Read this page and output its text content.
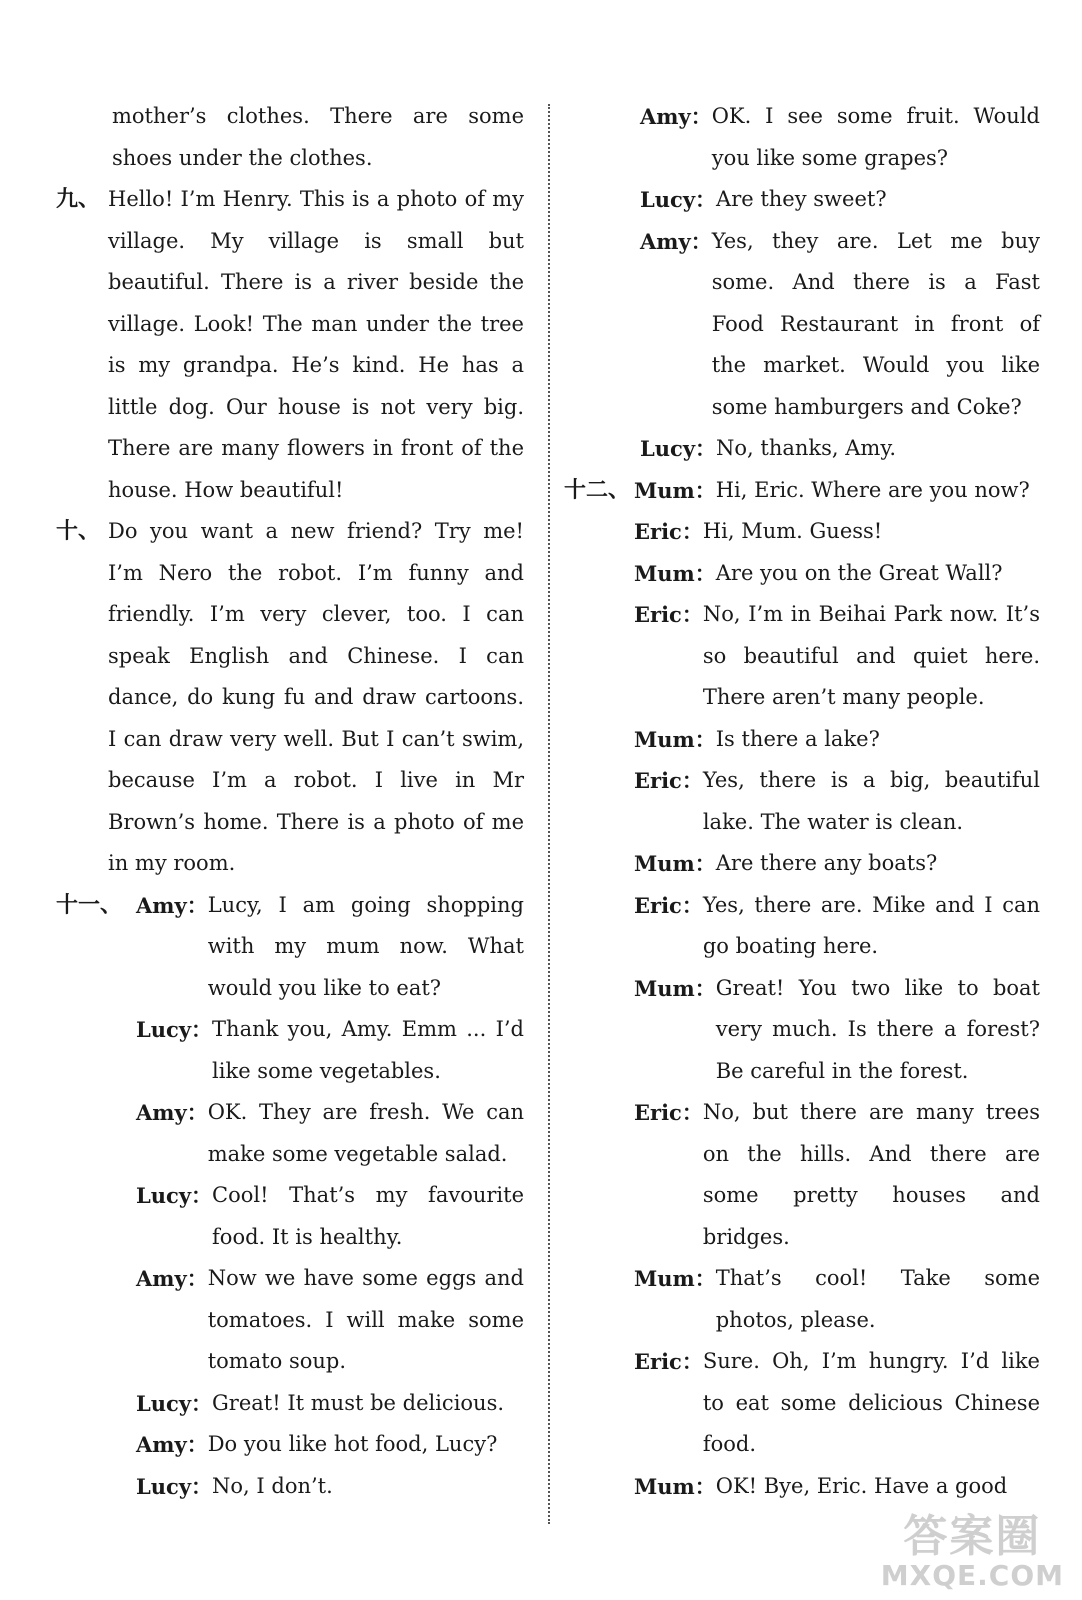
mother’s clothes. There are some shoes under the clothes.
九、 Hello! I’m Henry. This is a photo of my village. My village is small but beautiful. There is a river beside the village. Look! The man under the tree is my grandpa. He’s kind. He has a little dog. Our house is not very big. There are many flowers in front of the house. How beautiful!
十、 Do you want a new friend? Try me! I’m Nero the robot. I’m funny and friendly. I’m very clever, too. I can speak English and Chinese. I can dance, do kung fu and draw cartoons. I can draw very well. But I can’t swim, because I’m a robot. I live in Mr Brown’s home. There is a photo of me in my room.
十一、 Amy： Lucy, I am going shopping with my mum now. What would you like to eat?
Lucy： Thank you, Amy. Emm ... I’d like some vegetables.
Amy： OK. They are fresh. We can make some vegetable salad.
Lucy： Cool! That’s my favourite food. It is healthy.
Amy： Now we have some eggs and tomatoes. I will make some tomato soup.
Lucy： Great! It must be delicious.
Amy： Do you like hot food, Lucy?
Lucy： No, I don’t.
Amy： OK. I see some fruit. Would you like some grapes?
Lucy： Are they sweet?
Amy： Yes, they are. Let me buy some. And there is a Fast Food Restaurant in front of the market. Would you like some hamburgers and Coke?
Lucy： No, thanks, Amy.
十二、 Mum： Hi, Eric. Where are you now?
Eric： Hi, Mum. Guess!
Mum： Are you on the Great Wall?
Eric： No, I’m in Beihai Park now. It’s so beautiful and quiet here. There aren’t many people.
Mum： Is there a lake?
Eric： Yes, there is a big, beautiful lake. The water is clean.
Mum： Are there any boats?
Eric： Yes, there are. Mike and I can go boating here.
Mum： Great! You two like to boat very much. Is there a forest? Be careful in the forest.
Eric： No, but there are many trees on the hills. And there are some pretty houses and bridges.
Mum： That’s cool! Take some photos, please.
Eric： Sure. Oh, I’m hungry. I’d like to eat some delicious Chinese food.
Mum： OK! Bye, Eric. Have a good
答案圈
MXQE.COM
